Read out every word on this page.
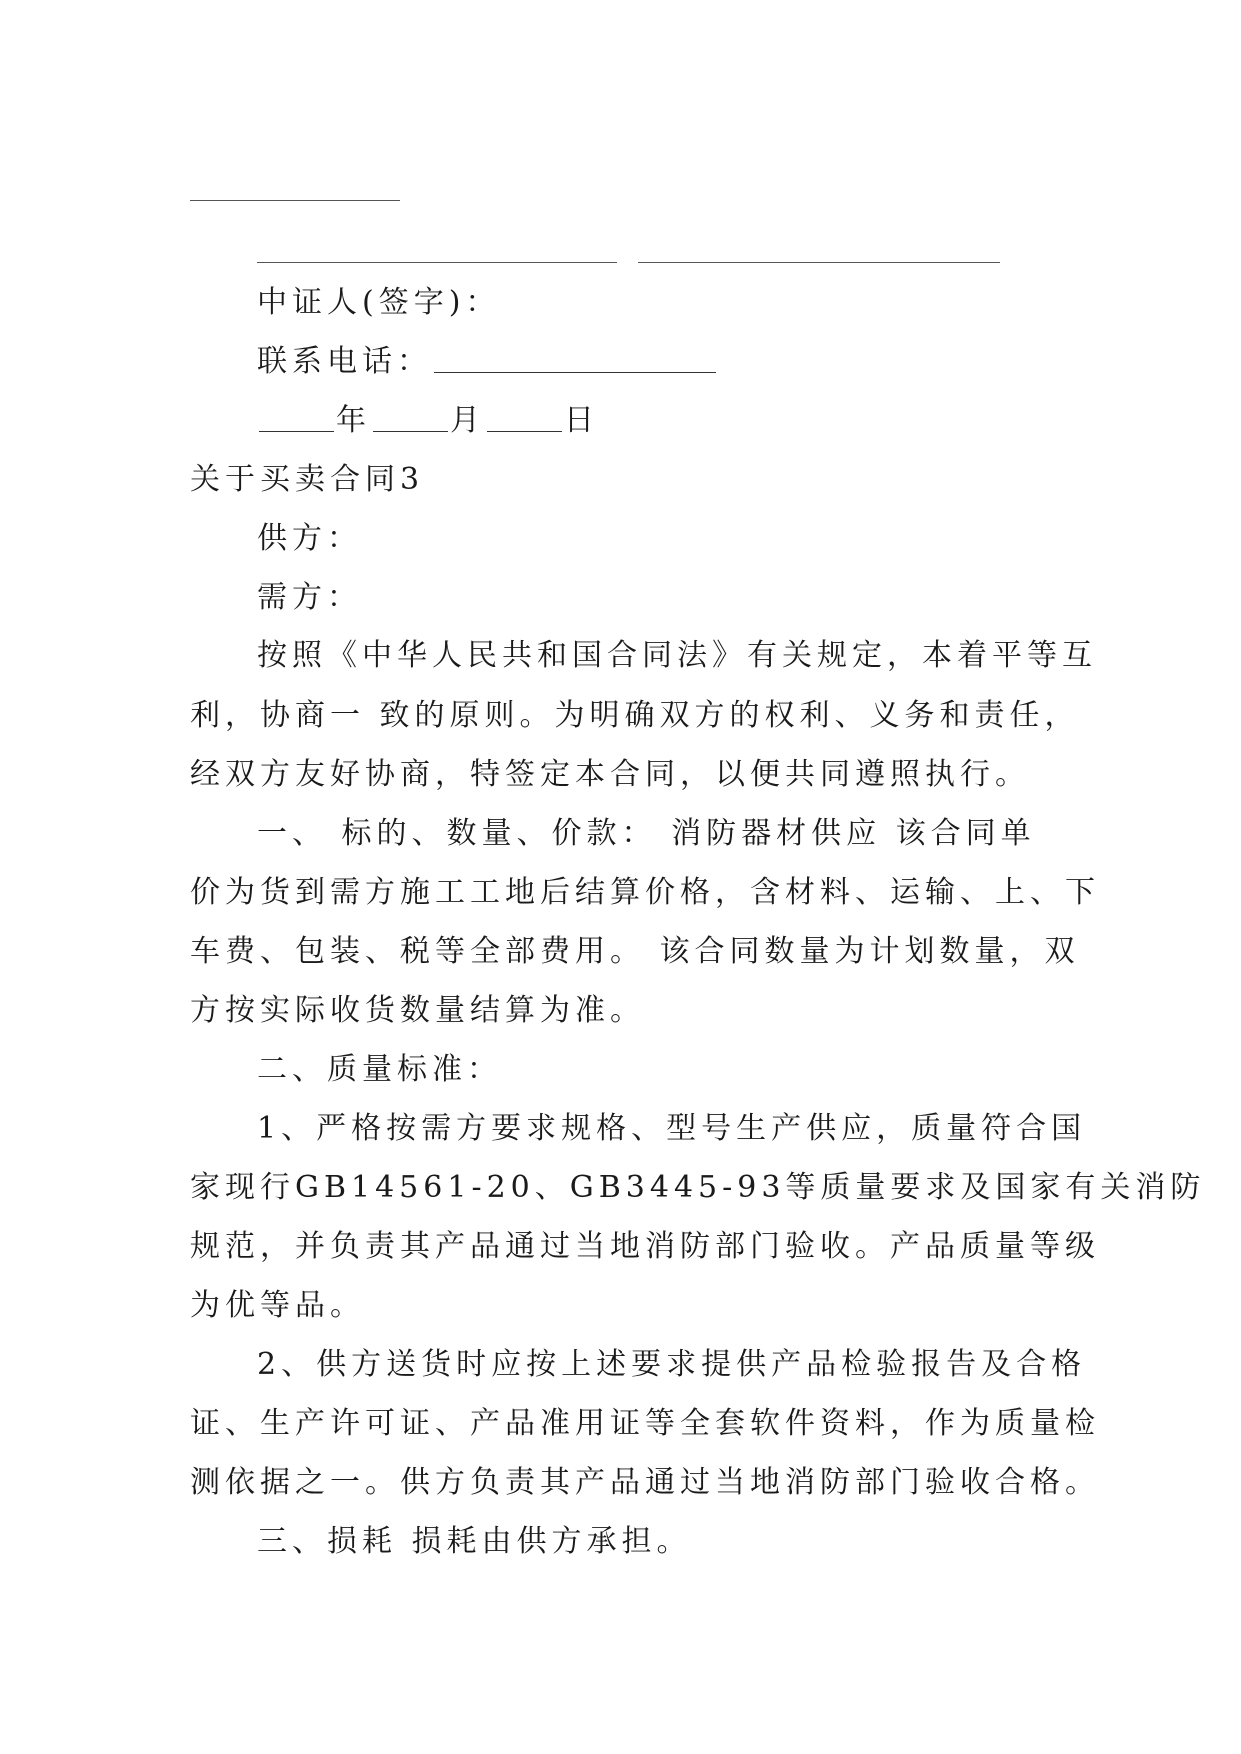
中证人(签字)：
联系电话：
年	月	日
关于买卖合同3
供方：
需方：
按照《中华人民共和国合同法》有关规定，本着平等互
利，协商一 致的原则。为明确双方的权利、义务和责任，
经双方友好协商，特签定本合同，以便共同遵照执行。
一、 标的、数量、价款： 消防器材供应 该合同单
价为货到需方施工工地后结算价格，含材料、运输、上、下
车费、包装、税等全部费用。 该合同数量为计划数量，双
方按实际收货数量结算为准。
二、质量标准：
1、严格按需方要求规格、型号生产供应，质量符合国
家现行GB14561-20、GB3445-93等质量要求及国家有关消防
规范，并负责其产品通过当地消防部门验收。产品质量等级
为优等品。
2、供方送货时应按上述要求提供产品检验报告及合格
证、生产许可证、产品准用证等全套软件资料，作为质量检
测依据之一。供方负责其产品通过当地消防部门验收合格。
三、损耗 损耗由供方承担。
